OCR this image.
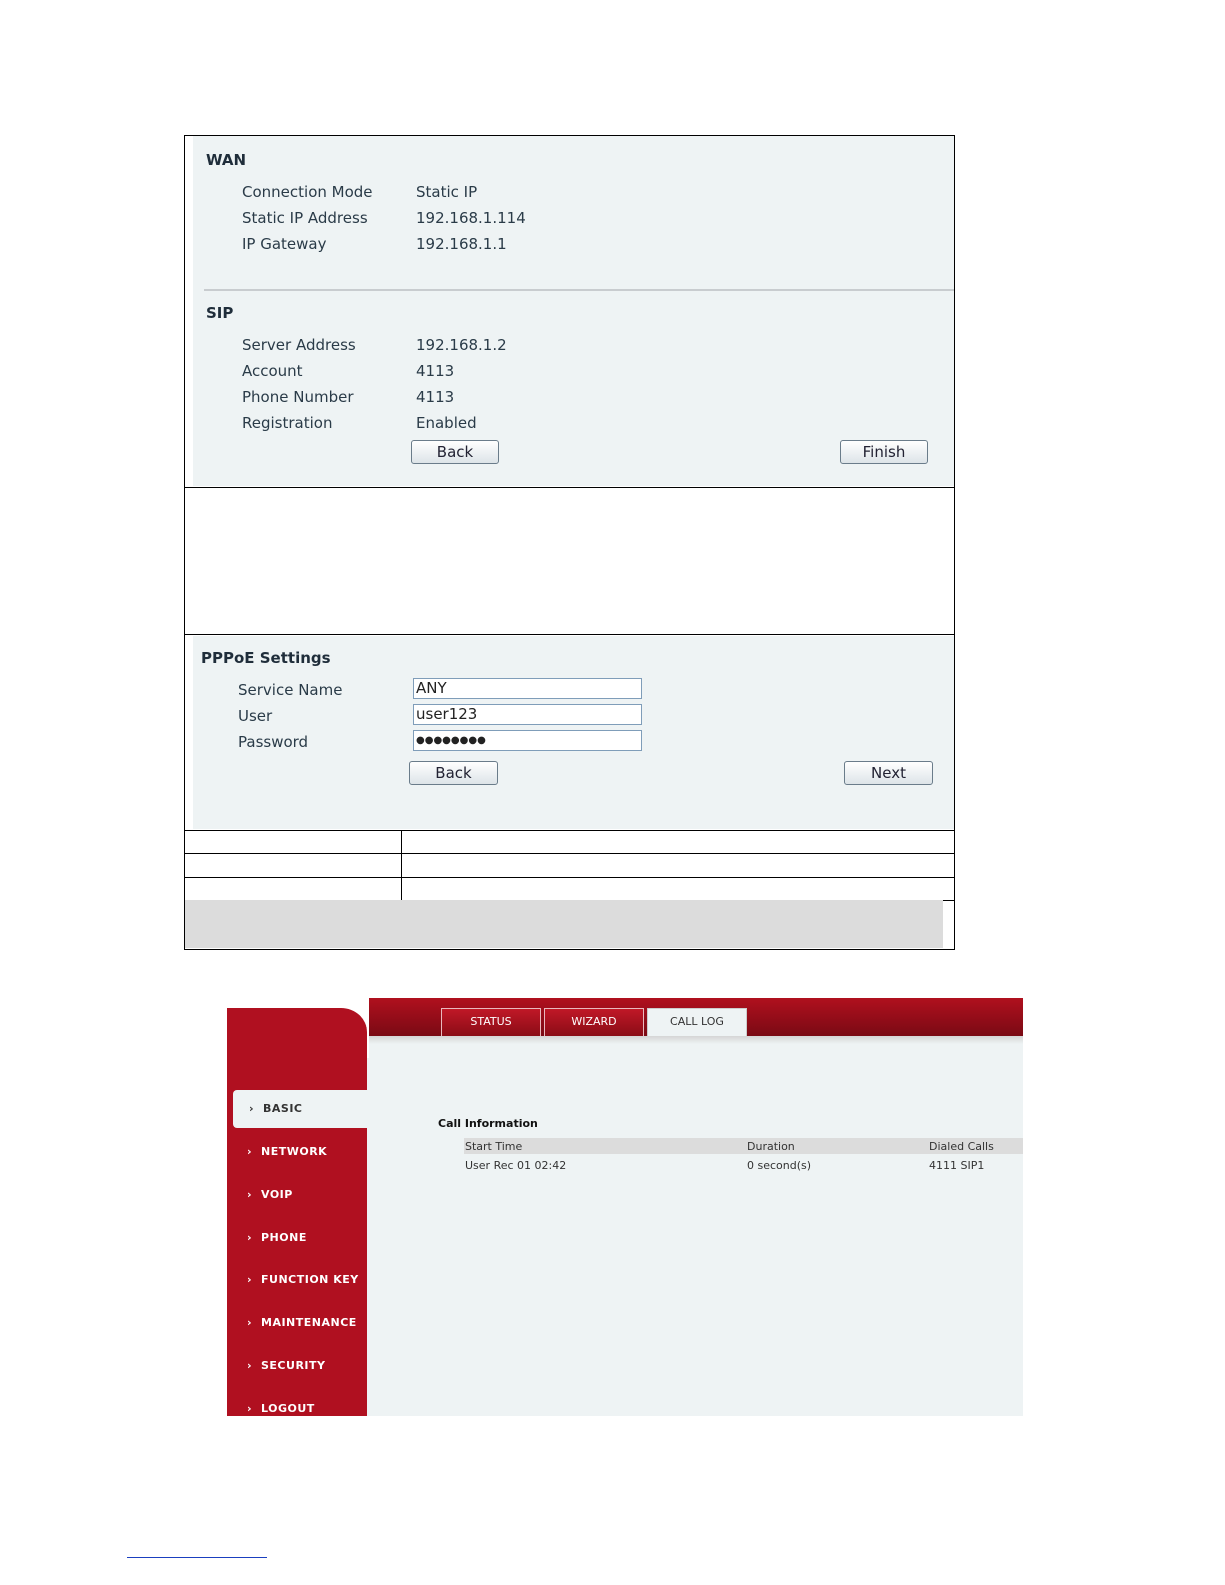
WAN
Connection Mode	Static IP
Static IP Address	192.168.1.114
IP Gateway	192.168.1.1
SIP
Server Address	192.168.1.2
Account	4113
Phone Number	4113
Registration	Enabled
Back	Finish
PPPoE Settings
Service Name	ANY
User	user123
Password	●●●●●●●●
Back	Next
STATUS	WIZARD	CALL LOG
› BASIC
› NETWORK
› VOIP
› PHONE
› FUNCTION KEY
› MAINTENANCE
› SECURITY
› LOGOUT
Call Information
Start Time	Duration	Dialed Calls
User Rec 01 02:42	0 second(s)	4111 SIP1
